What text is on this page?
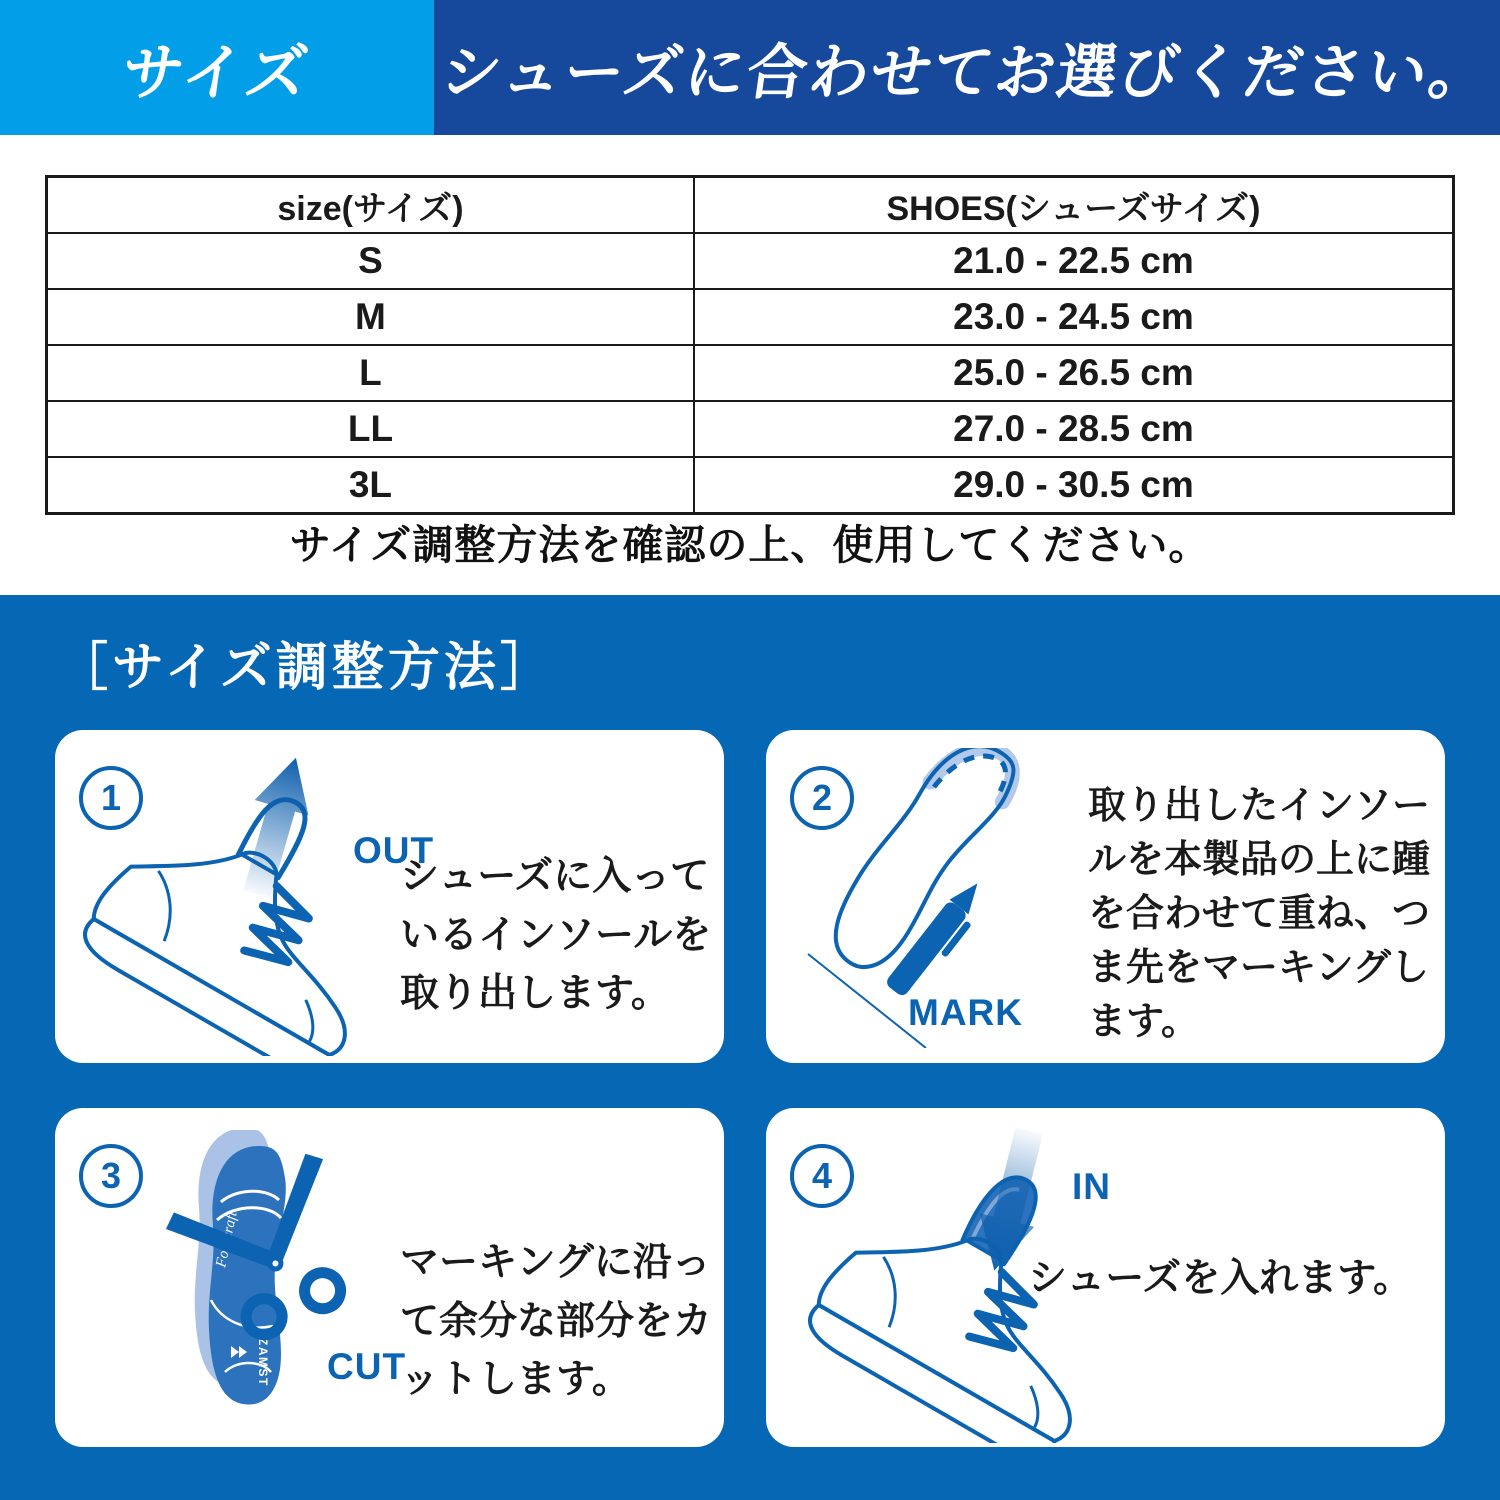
サイズ シューズに合わせてお選びください。
size(サイズ)	SHOES(シューズサイズ)
S	21.0 - 22.5 cm
M	23.0 - 24.5 cm
L	25.0 - 26.5 cm
LL	27.0 - 28.5 cm
3L	29.0 - 30.5 cm
サイズ調整方法を確認の上、使用してください。
［サイズ調整方法］
1
OUT
シューズに入っているインソールを取り出します。
2
MARK
取り出したインソールを本製品の上に踵を合わせて重ね、つま先をマーキングします。
3
ZAMST CUT
マーキングに沿って余分な部分をカットします。
4	IN
シューズを入れます。
